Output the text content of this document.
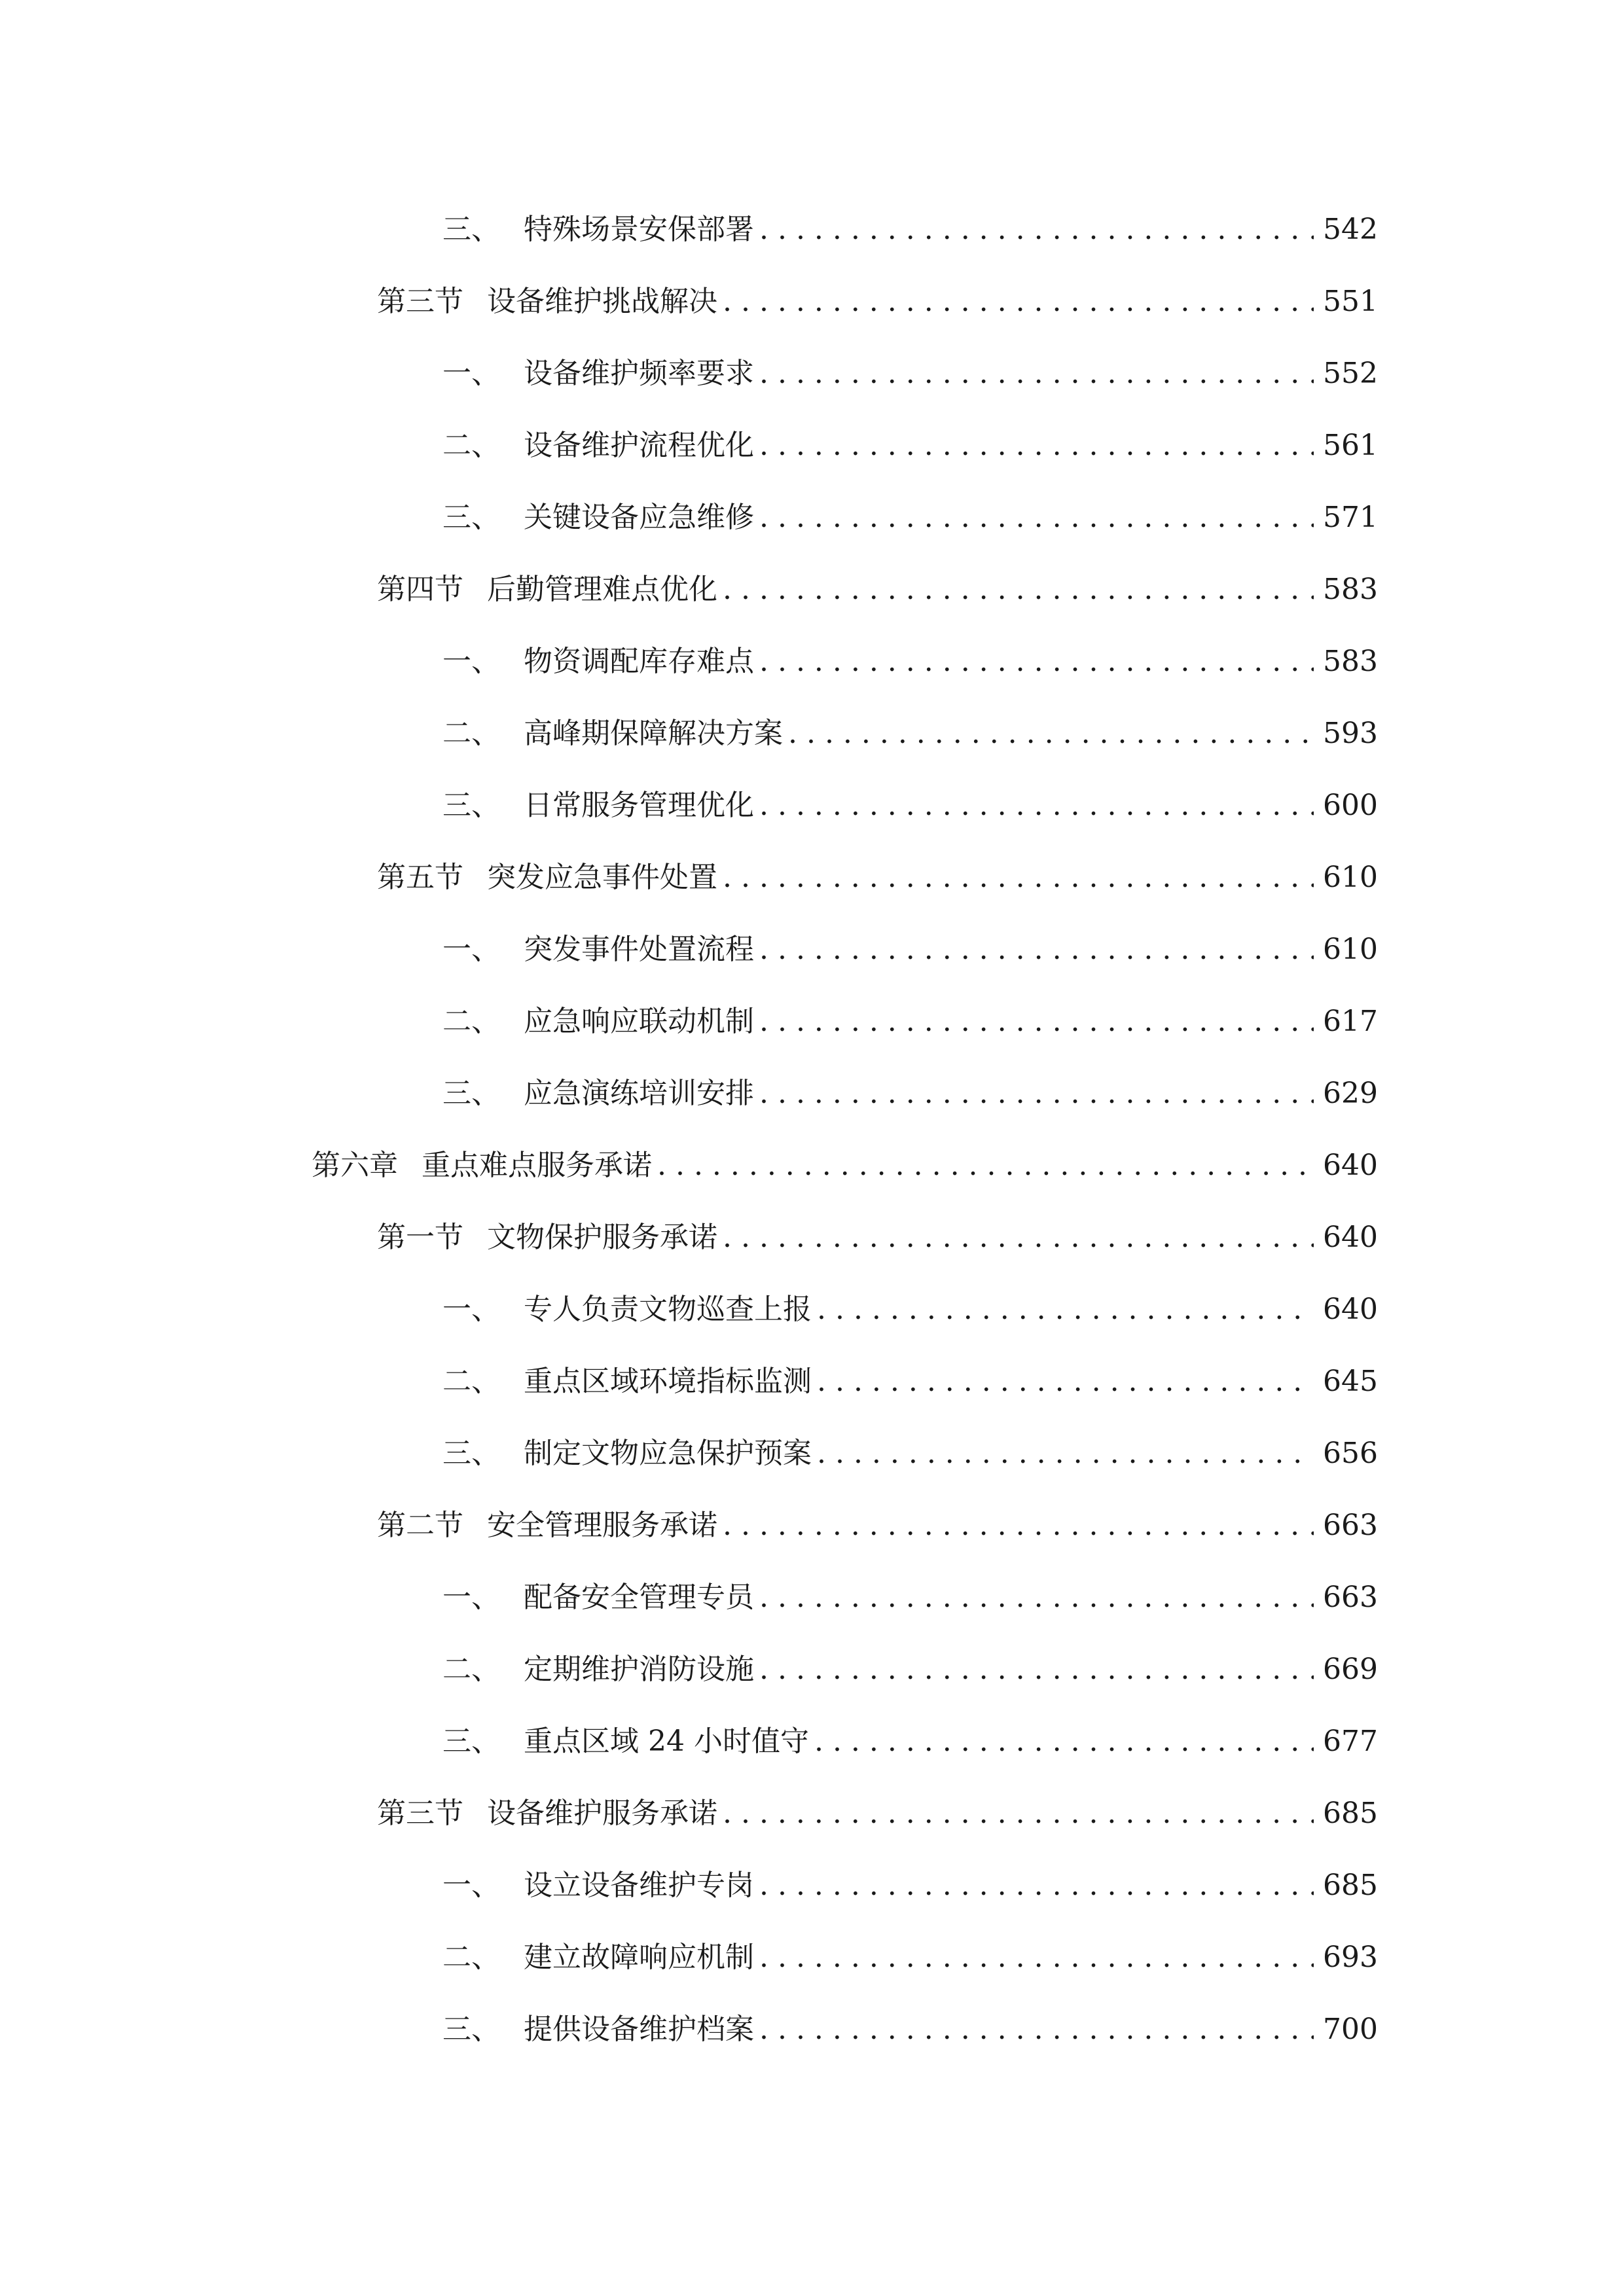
三、 特殊场景安保部署 . . .	542
第三节 设备维护挑战解决 . . .	551
一、 设备维护频率要求 . . .	552
二、 设备维护流程优化 . . .	561
三、 关键设备应急维修 . . .	571
第四节 后勤管理难点优化 . . .	583
一、 物资调配库存难点 . . .	583
二、 高峰期保障解决方案 . . .	593
三、 日常服务管理优化 . . .	600
第五节 突发应急事件处置 . . .	610
一、 突发事件处置流程 . . .	610
二、 应急响应联动机制 . . .	617
三、 应急演练培训安排 . . .	629
第六章 重点难点服务承诺 . . .	640
第一节 文物保护服务承诺 . . .	640
一、 专人负责文物巡查上报 . . .	640
二、 重点区域环境指标监测 . . .	645
三、 制定文物应急保护预案 . . .	656
第二节 安全管理服务承诺 . . .	663
一、 配备安全管理专员 . . .	663
二、 定期维护消防设施 . . .	669
三、 重点区域 24 小时值守 . . .	677
第三节 设备维护服务承诺 . . .	685
一、 设立设备维护专岗 . . .	685
二、 建立故障响应机制 . . .	693
三、 提供设备维护档案 . . .	700
